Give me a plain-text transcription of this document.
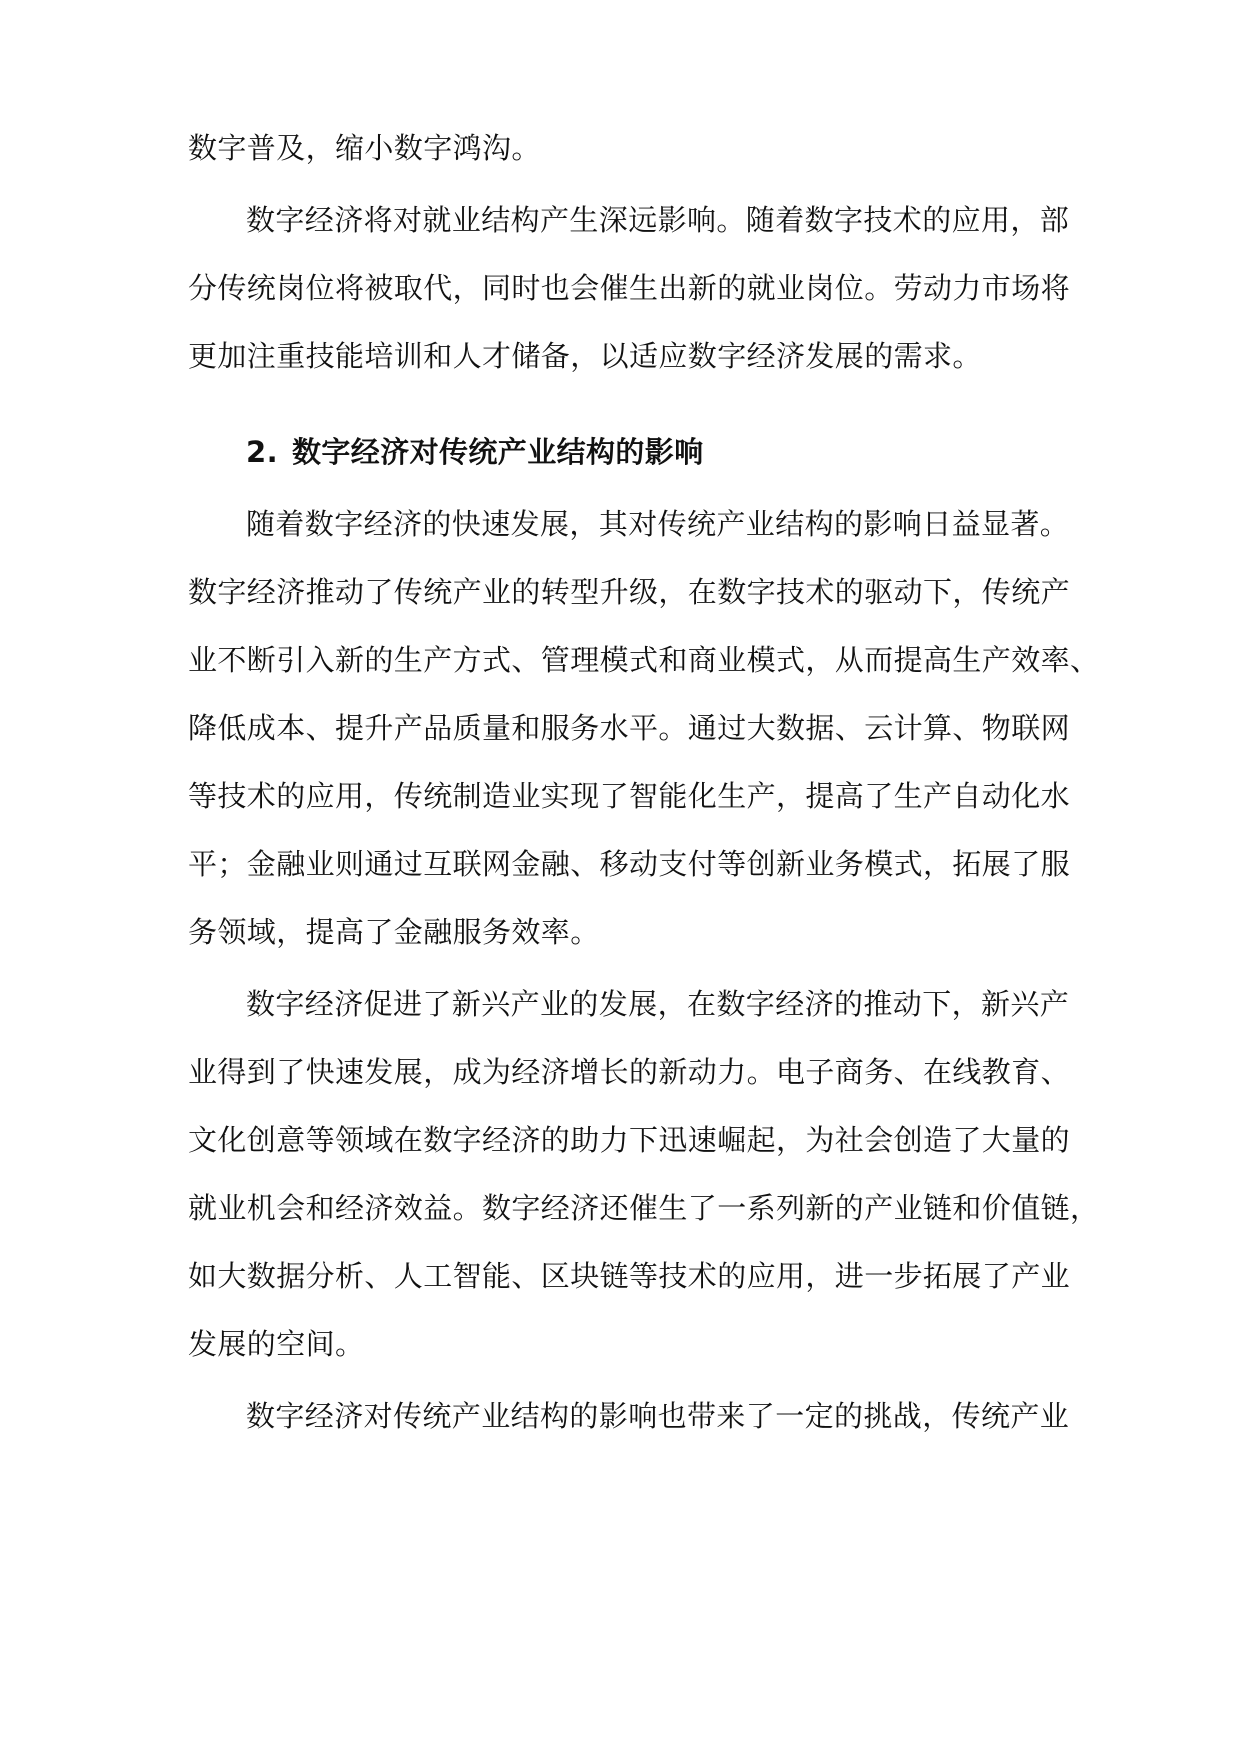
数字普及，缩小数字鸿沟。
数字经济将对就业结构产生深远影响。随着数字技术的应用，部
分传统岗位将被取代，同时也会催生出新的就业岗位。劳动力市场将
更加注重技能培训和人才储备，以适应数字经济发展的需求。
2. 数字经济对传统产业结构的影响
随着数字经济的快速发展，其对传统产业结构的影响日益显著。
数字经济推动了传统产业的转型升级，在数字技术的驱动下，传统产
业不断引入新的生产方式、管理模式和商业模式，从而提高生产效率、
降低成本、提升产品质量和服务水平。通过大数据、云计算、物联网
等技术的应用，传统制造业实现了智能化生产，提高了生产自动化水
平；金融业则通过互联网金融、移动支付等创新业务模式，拓展了服
务领域，提高了金融服务效率。
数字经济促进了新兴产业的发展，在数字经济的推动下，新兴产
业得到了快速发展，成为经济增长的新动力。电子商务、在线教育、
文化创意等领域在数字经济的助力下迅速崛起，为社会创造了大量的
就业机会和经济效益。数字经济还催生了一系列新的产业链和价值链，
如大数据分析、人工智能、区块链等技术的应用，进一步拓展了产业
发展的空间。
数字经济对传统产业结构的影响也带来了一定的挑战，传统产业
